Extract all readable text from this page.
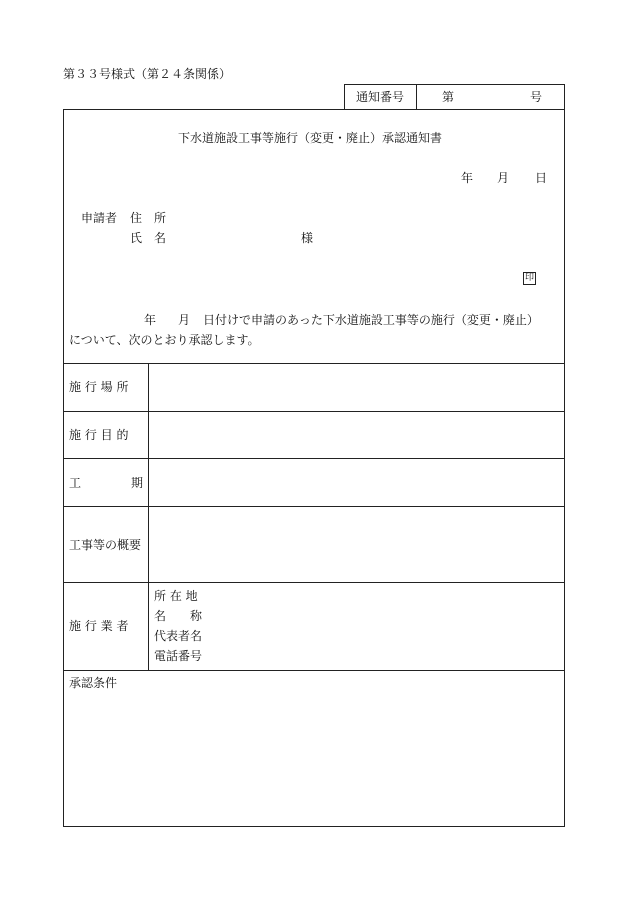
第３３号様式（第２４条関係）
通知番号	第	号
下水道施設工事等施行（変更・廃止）承認通知書
年 月 日
申請者 住　所
氏　名	様
印
年 月 日付けで申請のあった下水道施設工事等の施行（変更・廃止）
について、次のとおり承認します。
施 行 場 所
施 行 目 的
工	期
工事等の概要
施 行 業 者
所 在 地
名　　称
代表者名
電話番号
承認条件
